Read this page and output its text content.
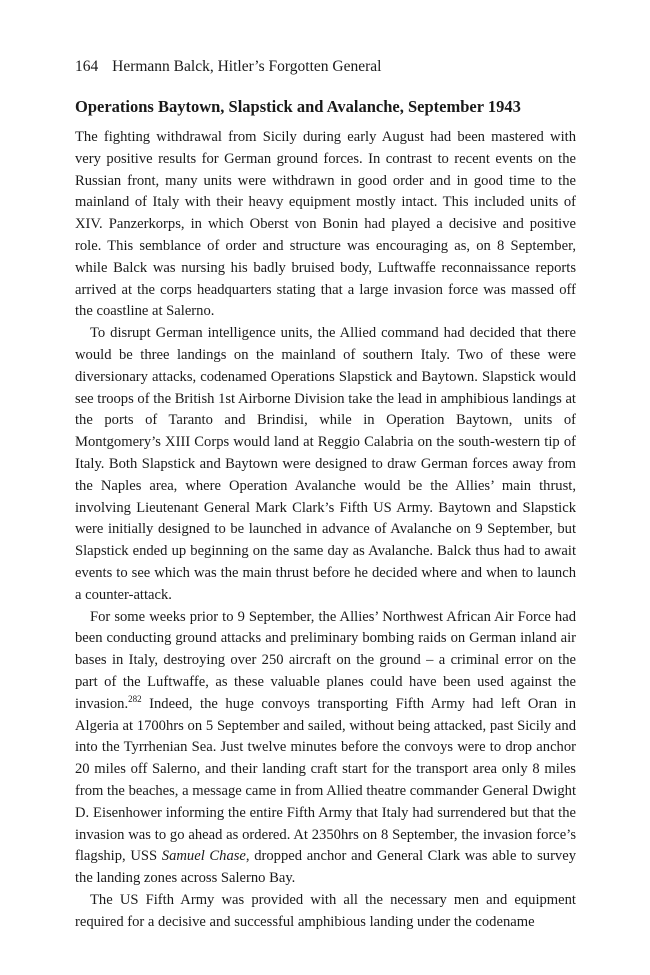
164 Hermann Balck, Hitler’s Forgotten General
Operations Baytown, Slapstick and Avalanche, September 1943

The fighting withdrawal from Sicily during early August had been mastered with very positive results for German ground forces. In contrast to recent events on the Russian front, many units were withdrawn in good order and in good time to the mainland of Italy with their heavy equipment mostly intact. This included units of XIV. Panzerkorps, in which Oberst von Bonin had played a decisive and positive role. This semblance of order and structure was encouraging as, on 8 September, while Balck was nursing his badly bruised body, Luftwaffe reconnaissance reports arrived at the corps headquarters stating that a large invasion force was massed off the coastline at Salerno.

To disrupt German intelligence units, the Allied command had decided that there would be three landings on the mainland of southern Italy. Two of these were diversionary attacks, codenamed Operations Slapstick and Baytown. Slapstick would see troops of the British 1st Airborne Division take the lead in amphibious landings at the ports of Taranto and Brindisi, while in Operation Baytown, units of Montgomery’s XIII Corps would land at Reggio Calabria on the south-western tip of Italy. Both Slapstick and Baytown were designed to draw German forces away from the Naples area, where Operation Avalanche would be the Allies’ main thrust, involving Lieutenant General Mark Clark’s Fifth US Army. Baytown and Slapstick were initially designed to be launched in advance of Avalanche on 9 September, but Slapstick ended up beginning on the same day as Avalanche. Balck thus had to await events to see which was the main thrust before he decided where and when to launch a counter-attack.

For some weeks prior to 9 September, the Allies’ Northwest African Air Force had been conducting ground attacks and preliminary bombing raids on German inland air bases in Italy, destroying over 250 aircraft on the ground – a criminal error on the part of the Luftwaffe, as these valuable planes could have been used against the invasion.$^{282}$ Indeed, the huge convoys transporting Fifth Army had left Oran in Algeria at 1700hrs on 5 September and sailed, without being attacked, past Sicily and into the Tyrrhenian Sea. Just twelve minutes before the convoys were to drop anchor 20 miles off Salerno, and their landing craft start for the transport area only 8 miles from the beaches, a message came in from Allied theatre commander General Dwight D. Eisenhower informing the entire Fifth Army that Italy had surrendered but that the invasion was to go ahead as ordered. At 2350hrs on 8 September, the invasion force’s flagship, USS Samuel Chase, dropped anchor and General Clark was able to survey the landing zones across Salerno Bay.

The US Fifth Army was provided with all the necessary men and equipment required for a decisive and successful amphibious landing under the codename
